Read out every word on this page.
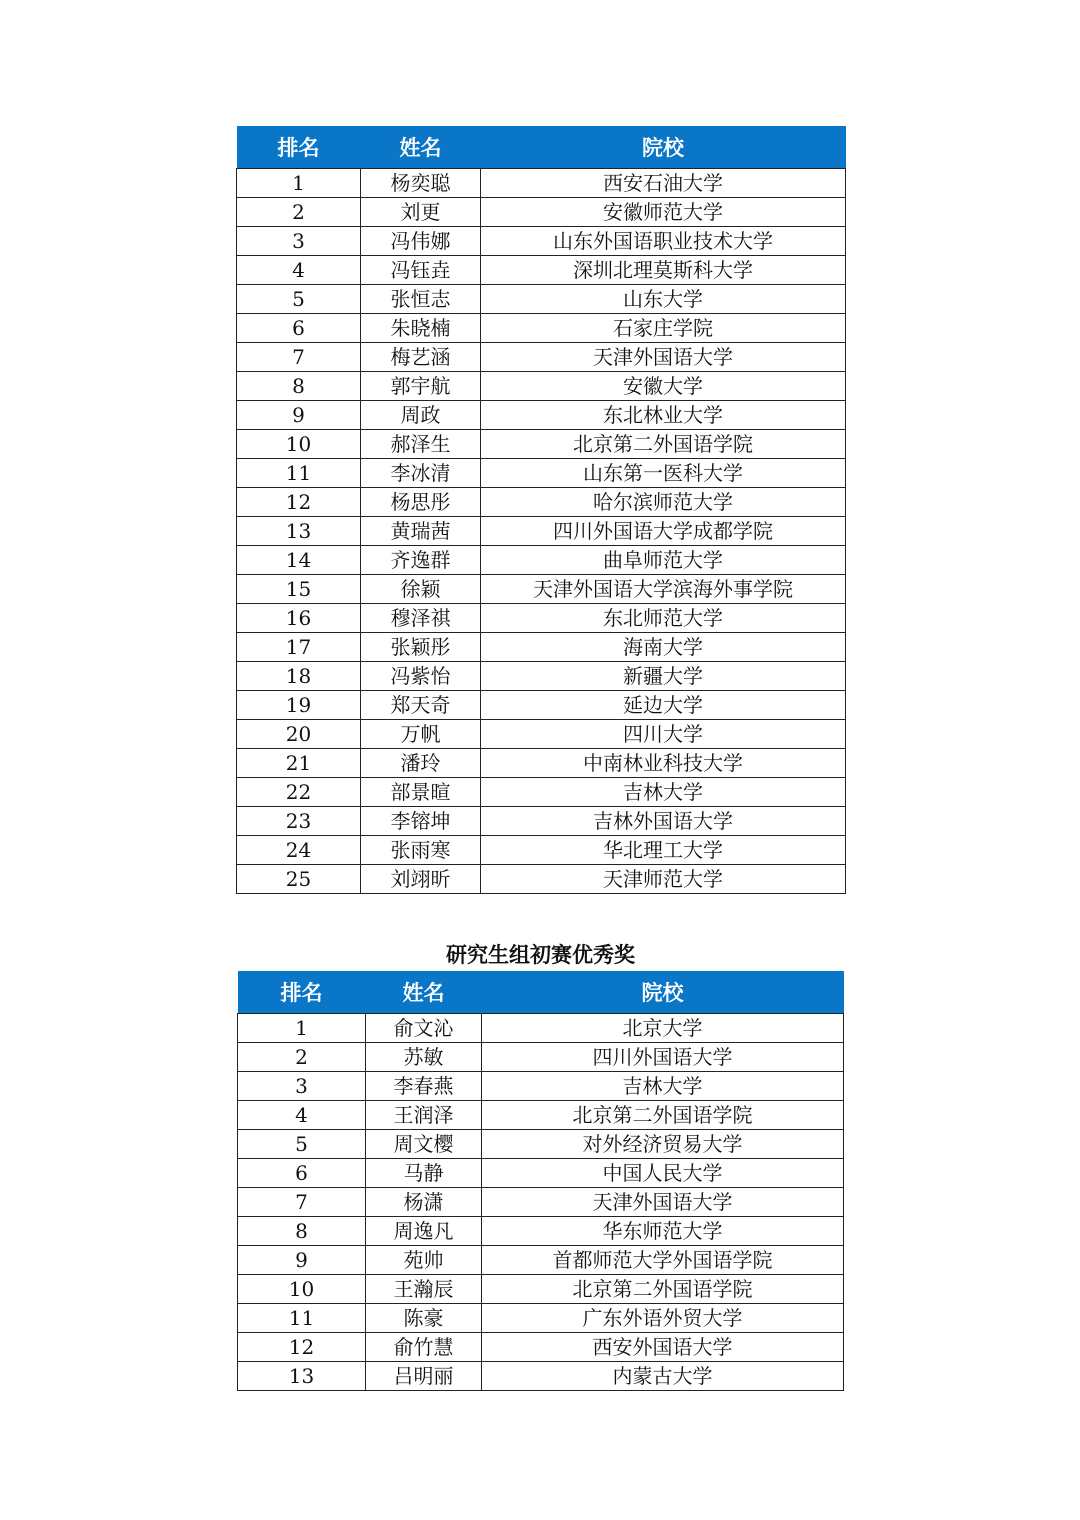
排名	姓名	院校
1	杨奕聪	西安石油大学
2	刘更	安徽师范大学
3	冯伟娜	山东外国语职业技术大学
4	冯钰垚	深圳北理莫斯科大学
5	张恒志	山东大学
6	朱晓楠	石家庄学院
7	梅艺涵	天津外国语大学
8	郭宇航	安徽大学
9	周政	东北林业大学
10	郝泽生	北京第二外国语学院
11	李冰清	山东第一医科大学
12	杨思彤	哈尔滨师范大学
13	黄瑞茜	四川外国语大学成都学院
14	齐逸群	曲阜师范大学
15	徐颖	天津外国语大学滨海外事学院
16	穆泽祺	东北师范大学
17	张颖彤	海南大学
18	冯紫怡	新疆大学
19	郑天奇	延边大学
20	万帆	四川大学
21	潘玲	中南林业科技大学
22	部景暄	吉林大学
23	李镕坤	吉林外国语大学
24	张雨寒	华北理工大学
25	刘翊昕	天津师范大学
研究生组初赛优秀奖
排名	姓名	院校
1	俞文沁	北京大学
2	苏敏	四川外国语大学
3	李春燕	吉林大学
4	王润泽	北京第二外国语学院
5	周文樱	对外经济贸易大学
6	马静	中国人民大学
7	杨潇	天津外国语大学
8	周逸凡	华东师范大学
9	苑帅	首都师范大学外国语学院
10	王瀚辰	北京第二外国语学院
11	陈豪	广东外语外贸大学
12	俞竹慧	西安外国语大学
13	吕明丽	内蒙古大学
